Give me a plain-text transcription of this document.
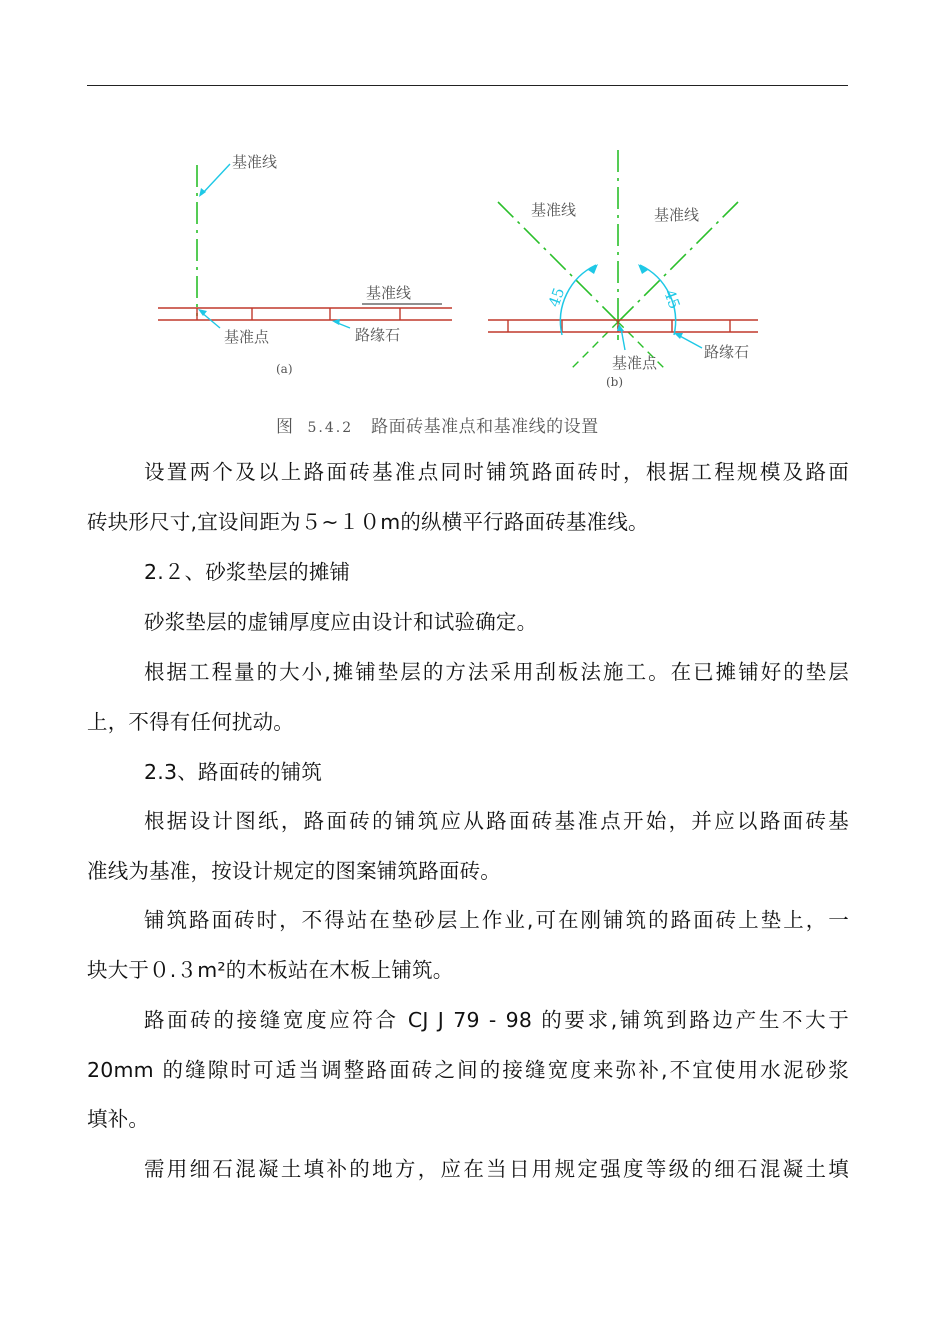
基准线
基准线
基准点	路缘石
(a)
45	45
基准线	基准线
基准点
路缘石
(b)
图 5.4.2 路面砖基准点和基准线的设置
设置两个及以上路面砖基准点同时铺筑路面砖时，根据工程规模及路面
砖块形尺寸,宜设间距为５~１０m的纵横平行路面砖基准线。
2.２、砂浆垫层的摊铺
砂浆垫层的虚铺厚度应由设计和试验确定。
根据工程量的大小,摊铺垫层的方法采用刮板法施工。在已摊铺好的垫层
上，不得有任何扰动。
2.3、路面砖的铺筑
根据设计图纸，路面砖的铺筑应从路面砖基准点开始，并应以路面砖基
准线为基准，按设计规定的图案铺筑路面砖。
铺筑路面砖时，不得站在垫砂层上作业,可在刚铺筑的路面砖上垫上，一
块大于０.３m²的木板站在木板上铺筑。
路面砖的接缝宽度应符合 CJ J 79 - 98 的要求,铺筑到路边产生不大于
20mm 的缝隙时可适当调整路面砖之间的接缝宽度来弥补,不宜使用水泥砂浆
填补。
需用细石混凝土填补的地方，应在当日用规定强度等级的细石混凝土填
